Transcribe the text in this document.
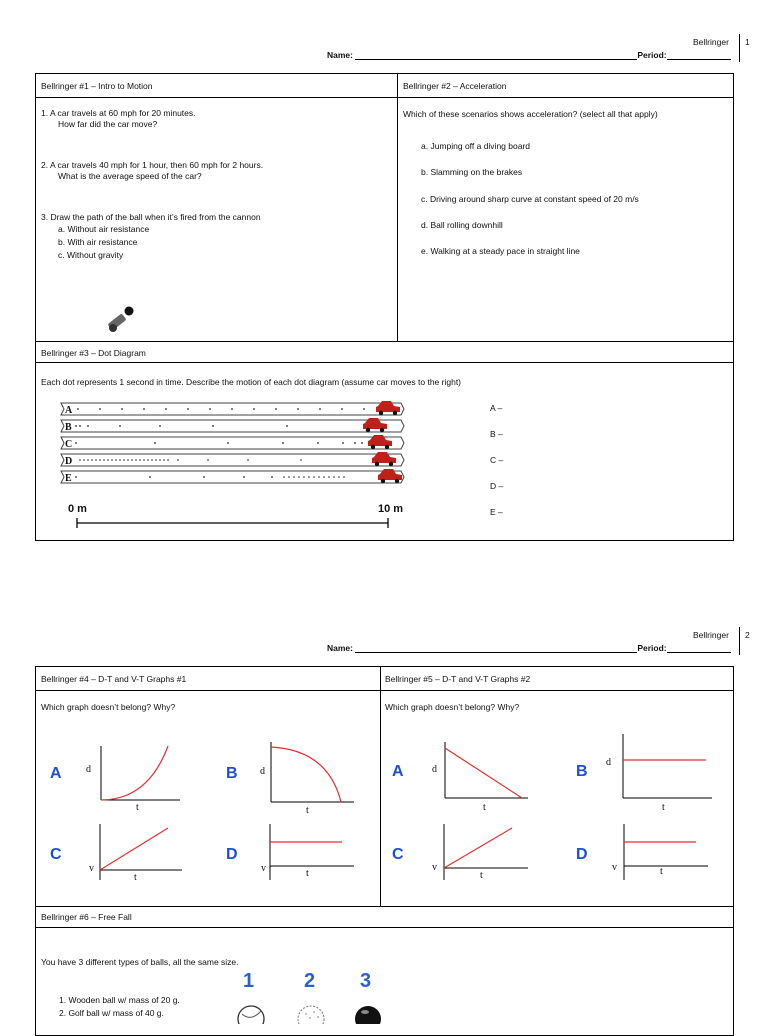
Bellringer 1
Name:	Period:
Bellringer #1 – Intro to Motion
1. A car travels at 60 mph for 20 minutes.
How far did the car move?
2. A car travels 40 mph for 1 hour, then 60 mph for 2 hours.
What is the average speed of the car?
3. Draw the path of the ball when it’s fired from the cannon
a. Without air resistance
b. With air resistance
c. Without gravity
Bellringer #2 – Acceleration
Which of these scenarios shows acceleration? (select all that apply)
a. Jumping off a diving board
b. Slamming on the brakes
c. Driving around sharp curve at constant speed of 20 m/s
d. Ball rolling downhill
e. Walking at a steady pace in straight line
Bellringer #3 – Dot Diagram
Each dot represents 1 second in time. Describe the motion of each dot diagram (assume car moves to the right)
A
B
C
D
E
0 m	10 m
A –
B –
C –
D –
E –
Bellringer 2
Name:	Period:
Bellringer #4 – D-T and V-T Graphs #1	Bellringer #5 – D-T and V-T Graphs #2
Which graph doesn’t belong? Why?	Which graph doesn’t belong? Why?
A d
t
B d
t
C
v
t
D
v	t
A	d
t
B
d
t
C
v
t
D
v	t
Bellringer #6 – Free Fall
You have 3 different types of balls, all the same size.
1. Wooden ball w/ mass of 20 g.
2. Golf ball w/ mass of 40 g.
1 2 3
